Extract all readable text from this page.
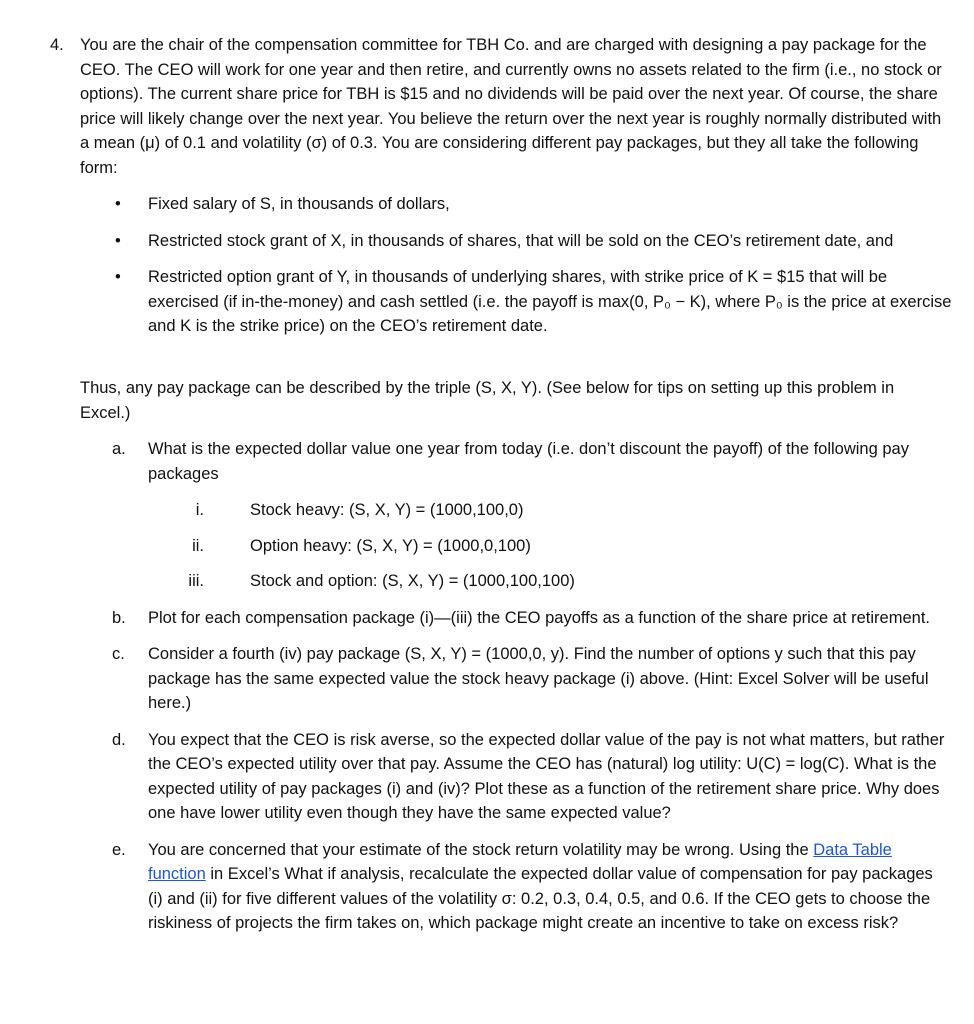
4. You are the chair of the compensation committee for TBH Co. and are charged with designing a pay package for the CEO. The CEO will work for one year and then retire, and currently owns no assets related to the firm (i.e., no stock or options). The current share price for TBH is $15 and no dividends will be paid over the next year. Of course, the share price will likely change over the next year. You believe the return over the next year is roughly normally distributed with a mean (μ) of 0.1 and volatility (σ) of 0.3. You are considering different pay packages, but they all take the following form:
• Fixed salary of S, in thousands of dollars,
• Restricted stock grant of X, in thousands of shares, that will be sold on the CEO’s retirement date, and
• Restricted option grant of Y, in thousands of underlying shares, with strike price of K = $15 that will be exercised (if in-the-money) and cash settled (i.e. the payoff is max(0, P₀ − K), where P₀ is the price at exercise and K is the strike price) on the CEO’s retirement date.
Thus, any pay package can be described by the triple (S, X, Y). (See below for tips on setting up this problem in Excel.)
a. What is the expected dollar value one year from today (i.e. don’t discount the payoff) of the following pay packages
i.	Stock heavy: (S, X, Y) = (1000,100,0)
ii.	Option heavy: (S, X, Y) = (1000,0,100)
iii.	Stock and option: (S, X, Y) = (1000,100,100)
b. Plot for each compensation package (i)—(iii) the CEO payoffs as a function of the share price at retirement.
c. Consider a fourth (iv) pay package (S, X, Y) = (1000,0, y). Find the number of options y such that this pay package has the same expected value the stock heavy package (i) above. (Hint: Excel Solver will be useful here.)
d. You expect that the CEO is risk averse, so the expected dollar value of the pay is not what matters, but rather the CEO’s expected utility over that pay. Assume the CEO has (natural) log utility: U(C) = log(C). What is the expected utility of pay packages (i) and (iv)? Plot these as a function of the retirement share price. Why does one have lower utility even though they have the same expected value?
e. You are concerned that your estimate of the stock return volatility may be wrong. Using the Data Table function in Excel’s What if analysis, recalculate the expected dollar value of compensation for pay packages (i) and (ii) for five different values of the volatility σ: 0.2, 0.3, 0.4, 0.5, and 0.6. If the CEO gets to choose the riskiness of projects the firm takes on, which package might create an incentive to take on excess risk?
